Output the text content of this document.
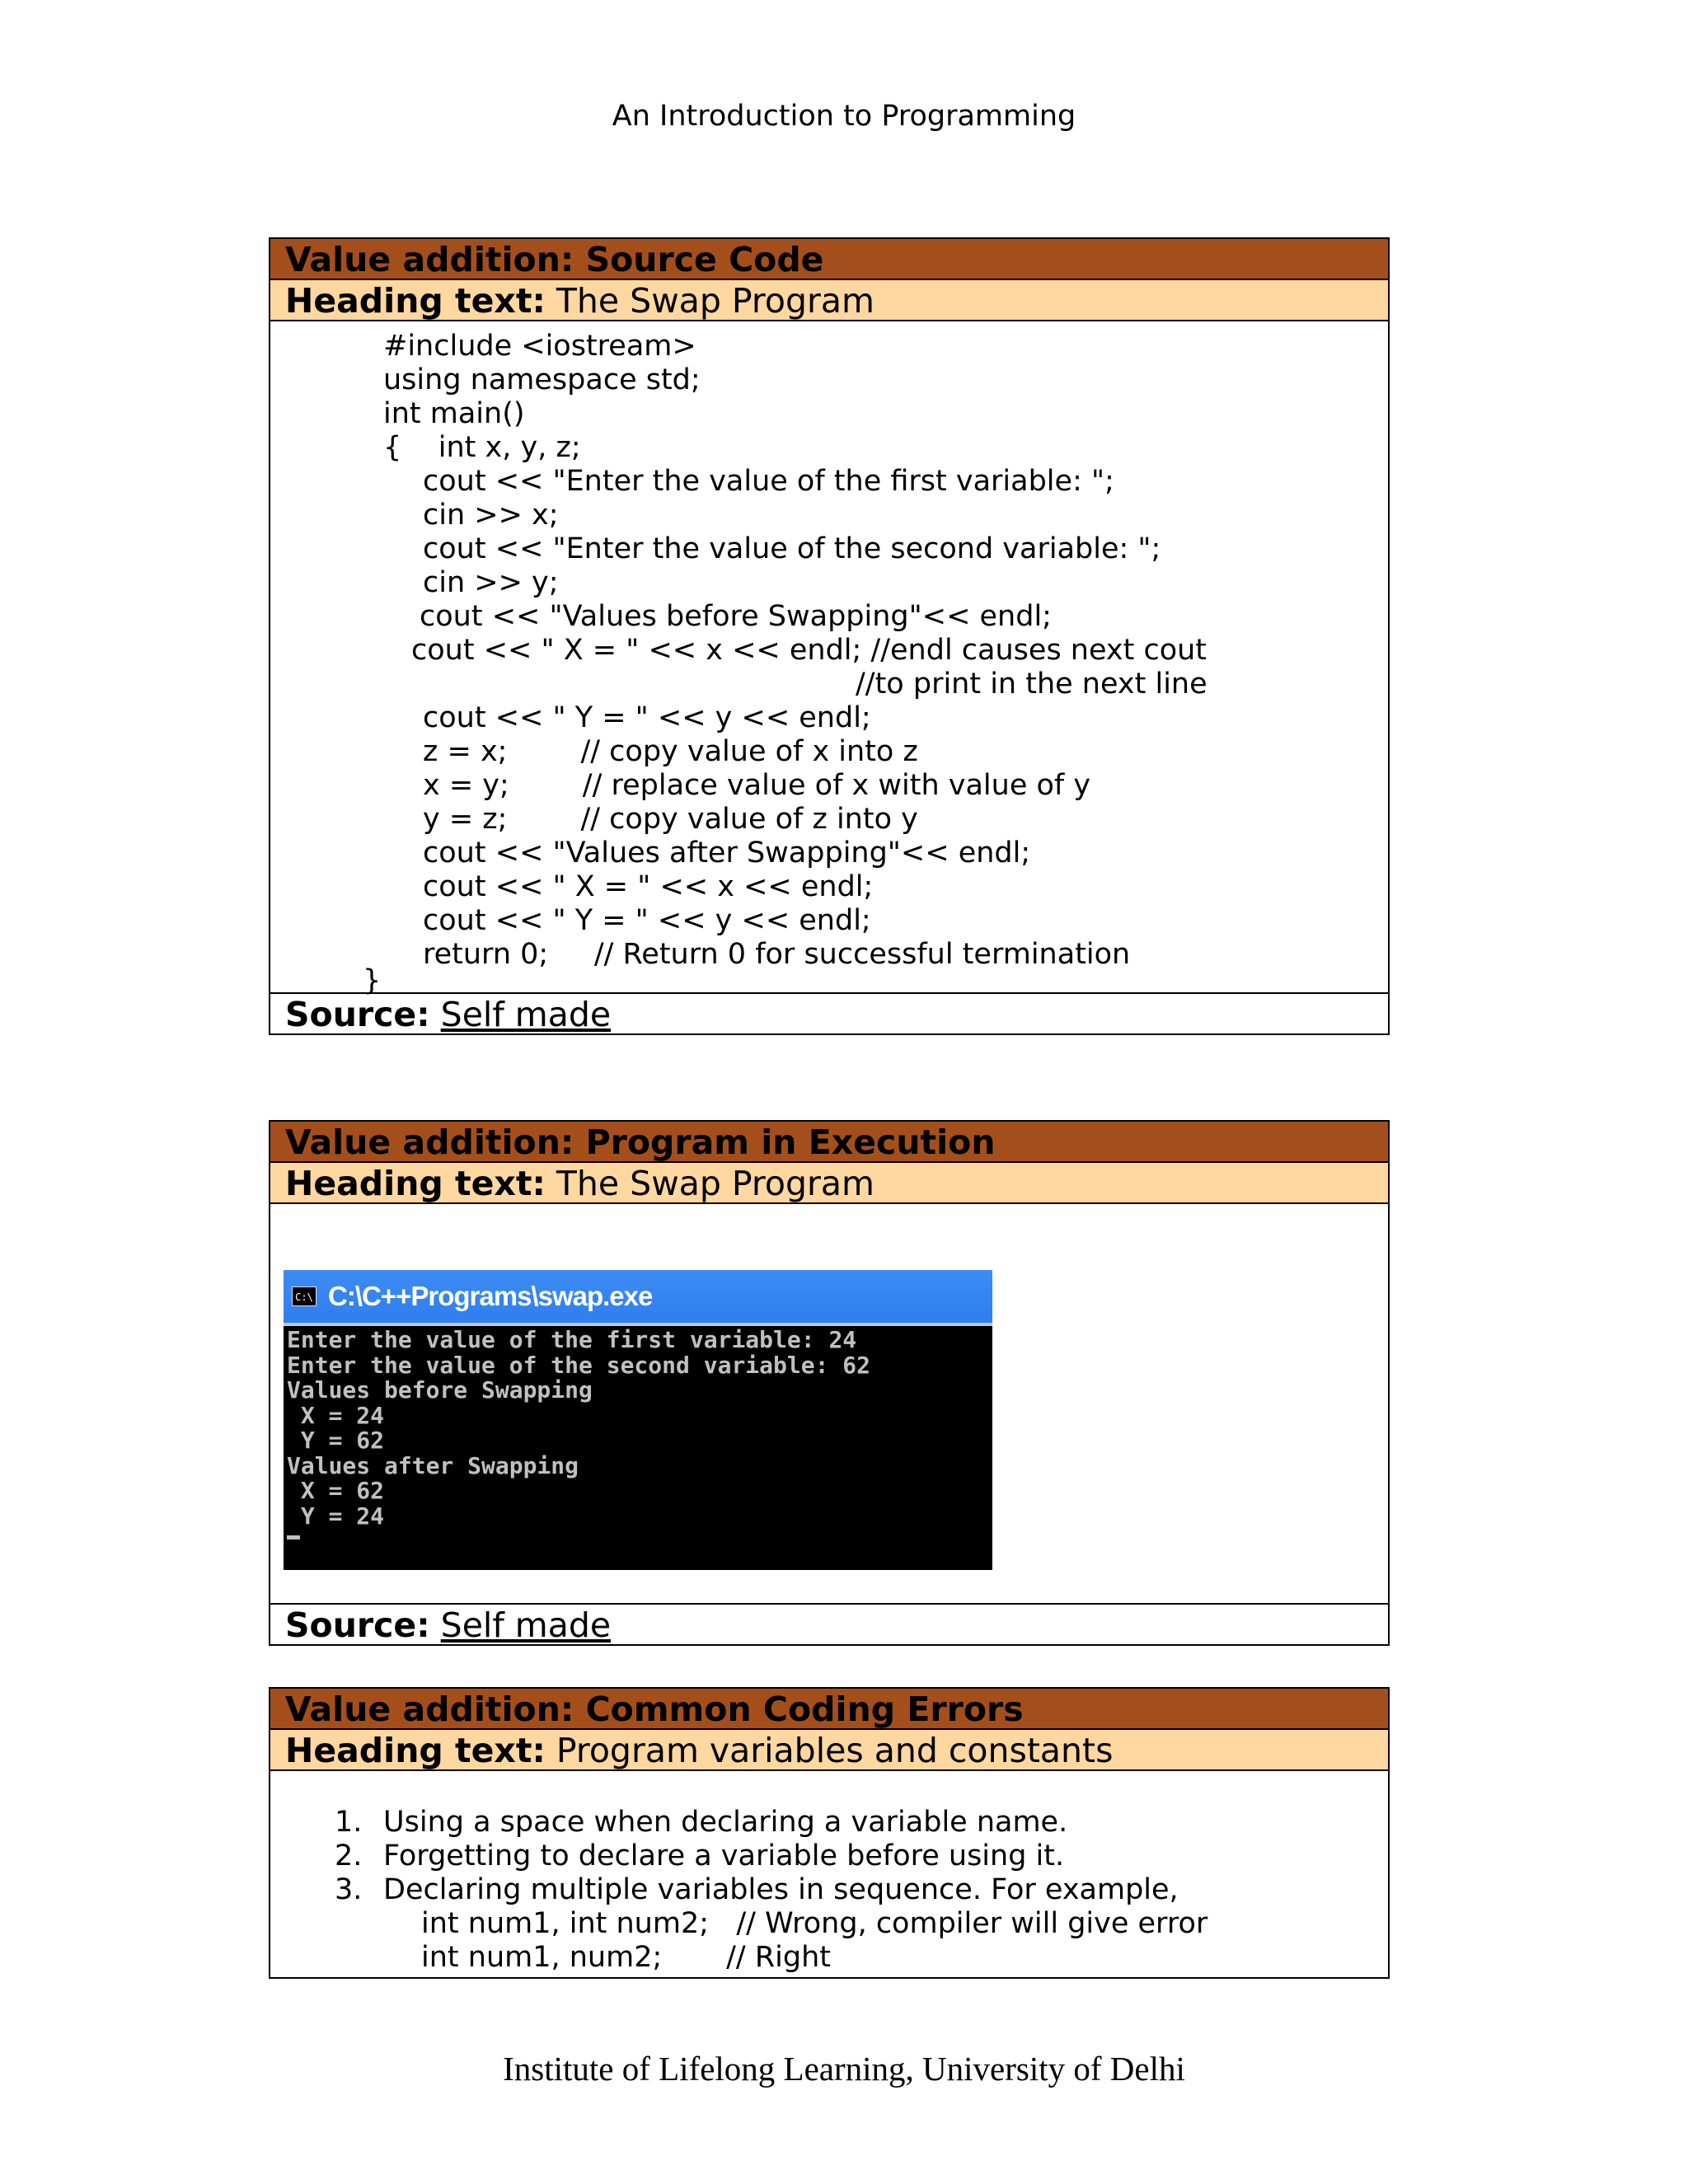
An Introduction to Programming
Value addition: Source Code
Heading text: The Swap Program
#include <iostream>
using namespace std;
int main()
{    int x, y, z;
cout << "Enter the value of the first variable: ";
cin >> x;
cout << "Enter the value of the second variable: ";
cin >> y;
cout << "Values before Swapping"<< endl;
cout << " X = " << x << endl; //endl causes next cout
//to print in the next line
cout << " Y = " << y << endl;
z = x;        // copy value of x into z
x = y;        // replace value of x with value of y
y = z;        // copy value of z into y
cout << "Values after Swapping"<< endl;
cout << " X = " << x << endl;
cout << " Y = " << y << endl;
return 0;     // Return 0 for successful termination
}
Source: Self made
Value addition: Program in Execution
Heading text: The Swap Program
C:\ C:\C++Programs\swap.exe
Enter the value of the first variable: 24
Enter the value of the second variable: 62
Values before Swapping
X = 24
Y = 62
Values after Swapping
X = 62
Y = 24
Source: Self made
Value addition: Common Coding Errors
Heading text: Program variables and constants
1. Using a space when declaring a variable name.
2. Forgetting to declare a variable before using it.
3. Declaring multiple variables in sequence. For example,
int num1, int num2;   // Wrong, compiler will give error
int num1, num2;       // Right
Institute of Lifelong Learning, University of Delhi
